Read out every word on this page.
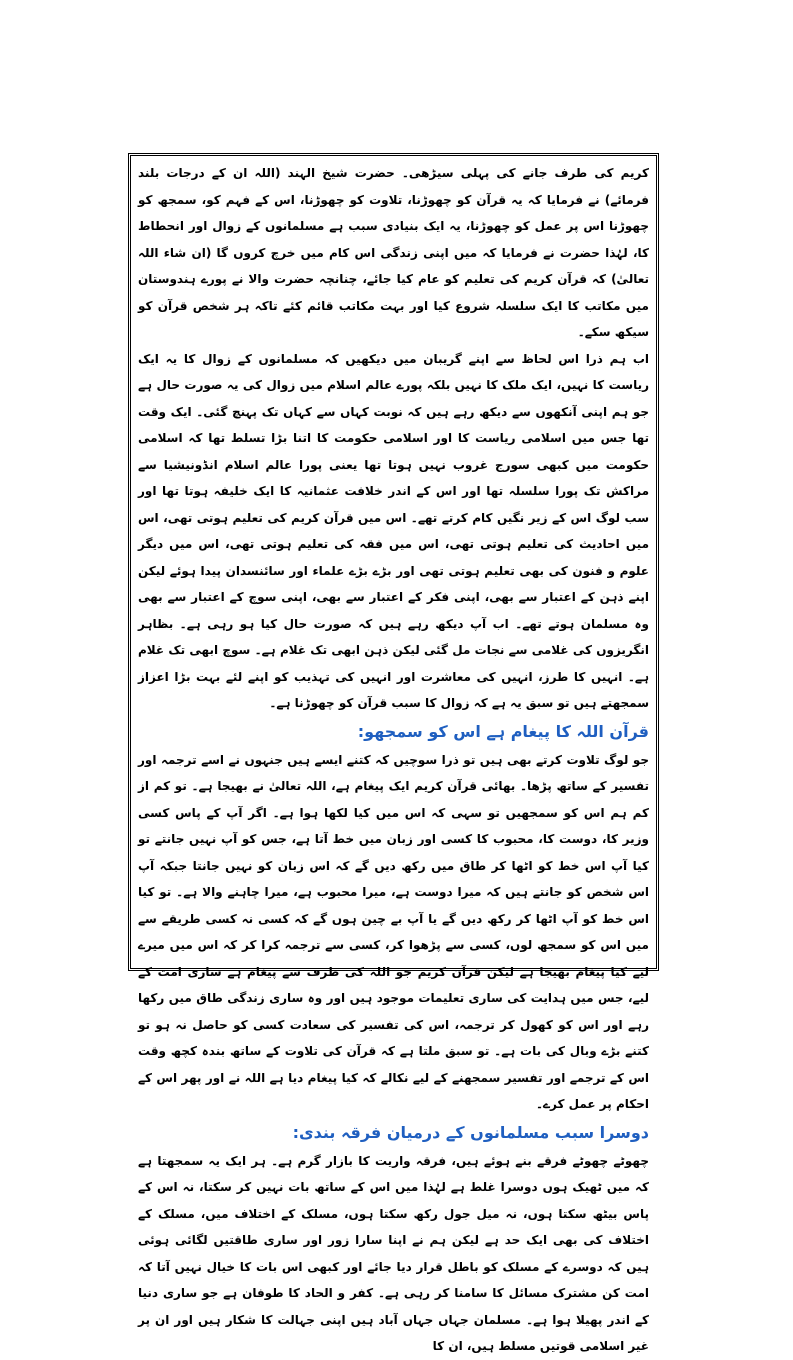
کریم کی طرف جانے کی پہلی سیڑھی۔ حضرت شیخ الہند (اللہ ان کے درجات بلند فرمائے) نے فرمایا کہ یہ قرآن کو چھوڑنا، تلاوت کو چھوڑنا، اس کے فہم کو، سمجھ کو چھوڑنا اس پر عمل کو چھوڑنا، یہ ایک بنیادی سبب ہے مسلمانوں کے زوال اور انحطاط کا، لہٰذا حضرت نے فرمایا کہ میں اپنی زندگی اس کام میں خرچ کروں گا (ان شاء اللہ تعالیٰ) کہ قرآن کریم کی تعلیم کو عام کیا جائے، چنانچہ حضرت والا نے پورے ہندوستان میں مکاتب کا ایک سلسلہ شروع کیا اور بہت مکاتب قائم کئے تاکہ ہر شخص قرآن کو سیکھ سکے۔

اب ہم ذرا اس لحاظ سے اپنے گریبان میں دیکھیں کہ مسلمانوں کے زوال کا یہ ایک ریاست کا نہیں، ایک ملک کا نہیں بلکہ پورے عالم اسلام میں زوال کی یہ صورت حال ہے جو ہم اپنی آنکھوں سے دیکھ رہے ہیں کہ نوبت کہاں سے کہاں تک پہنچ گئی۔ ایک وقت تھا جس میں اسلامی ریاست کا اور اسلامی حکومت کا اتنا بڑا تسلط تھا کہ اسلامی حکومت میں کبھی سورج غروب نہیں ہوتا تھا یعنی پورا عالم اسلام انڈونیشیا سے مراکش تک پورا سلسلہ تھا اور اس کے اندر خلافت عثمانیہ کا ایک خلیفہ ہوتا تھا اور سب لوگ اس کے زیر نگیں کام کرتے تھے۔ اس میں قرآن کریم کی تعلیم ہوتی تھی، اس میں احادیث کی تعلیم ہوتی تھی، اس میں فقہ کی تعلیم ہوتی تھی، اس میں دیگر علوم و فنون کی بھی تعلیم ہوتی تھی اور بڑے بڑے علماء اور سائنسدان پیدا ہوئے لیکن اپنے ذہن کے اعتبار سے بھی، اپنی فکر کے اعتبار سے بھی، اپنی سوچ کے اعتبار سے بھی وہ مسلمان ہوتے تھے۔ اب آپ دیکھ رہے ہیں کہ صورت حال کیا ہو رہی ہے۔ بظاہر انگریزوں کی غلامی سے نجات مل گئی لیکن ذہن ابھی تک غلام ہے۔ سوچ ابھی تک غلام ہے۔ انہیں کا طرز، انہیں کی معاشرت اور انہیں کی تہذیب کو اپنے لئے بہت بڑا اعزاز سمجھتے ہیں تو سبق یہ ہے کہ زوال کا سبب قرآن کو چھوڑنا ہے۔

قرآن اللہ کا پیغام ہے اس کو سمجھو:

جو لوگ تلاوت کرتے بھی ہیں تو ذرا سوچیں کہ کتنے ایسے ہیں جنہوں نے اسے ترجمہ اور تفسیر کے ساتھ پڑھا۔ بھائی قرآن کریم ایک پیغام ہے، اللہ تعالیٰ نے بھیجا ہے۔ تو کم از کم ہم اس کو سمجھیں تو سہی کہ اس میں کیا لکھا ہوا ہے۔ اگر آپ کے پاس کسی وزیر کا، دوست کا، محبوب کا کسی اور زبان میں خط آتا ہے، جس کو آپ نہیں جانتے تو کیا آپ اس خط کو اٹھا کر طاق میں رکھ دیں گے کہ اس زبان کو نہیں جانتا جبکہ آپ اس شخص کو جانتے ہیں کہ میرا دوست ہے، میرا محبوب ہے، میرا چاہنے والا ہے۔ تو کیا اس خط کو آپ اٹھا کر رکھ دیں گے یا آپ بے چین ہوں گے کہ کسی نہ کسی طریقے سے میں اس کو سمجھ لوں، کسی سے پڑھوا کر، کسی سے ترجمہ کرا کر کہ اس میں میرے لیے کیا پیغام بھیجا ہے لیکن قرآن کریم جو اللہ کی طرف سے پیغام ہے ساری امت کے لیے، جس میں ہدایت کی ساری تعلیمات موجود ہیں اور وہ ساری زندگی طاق میں رکھا رہے اور اس کو کھول کر ترجمہ، اس کی تفسیر کی سعادت کسی کو حاصل نہ ہو تو کتنے بڑے وبال کی بات ہے۔ تو سبق ملتا ہے کہ قرآن کی تلاوت کے ساتھ بندہ کچھ وقت اس کے ترجمے اور تفسیر سمجھنے کے لیے نکالے کہ کیا پیغام دیا ہے اللہ نے اور پھر اس کے احکام پر عمل کرے۔

دوسرا سبب مسلمانوں کے درمیان فرقہ بندی:

چھوٹے چھوٹے فرقے بنے ہوئے ہیں، فرقہ واریت کا بازار گرم ہے۔ ہر ایک یہ سمجھتا ہے کہ میں ٹھیک ہوں دوسرا غلط ہے لہٰذا میں اس کے ساتھ بات نہیں کر سکتا، نہ اس کے پاس بیٹھ سکتا ہوں، نہ میل جول رکھ سکتا ہوں، مسلک کے اختلاف میں، مسلک کے اختلاف کی بھی ایک حد ہے لیکن ہم نے اپنا سارا زور اور ساری طاقتیں لگائی ہوئی ہیں کہ دوسرے کے مسلک کو باطل قرار دیا جائے اور کبھی اس بات کا خیال نہیں آتا کہ امت کن مشترک مسائل کا سامنا کر رہی ہے۔ کفر و الحاد کا طوفان ہے جو ساری دنیا کے اندر پھیلا ہوا ہے۔ مسلمان جہاں جہاں آباد ہیں اپنی جہالت کا شکار ہیں اور ان پر غیر اسلامی قوتیں مسلط ہیں، ان کا
